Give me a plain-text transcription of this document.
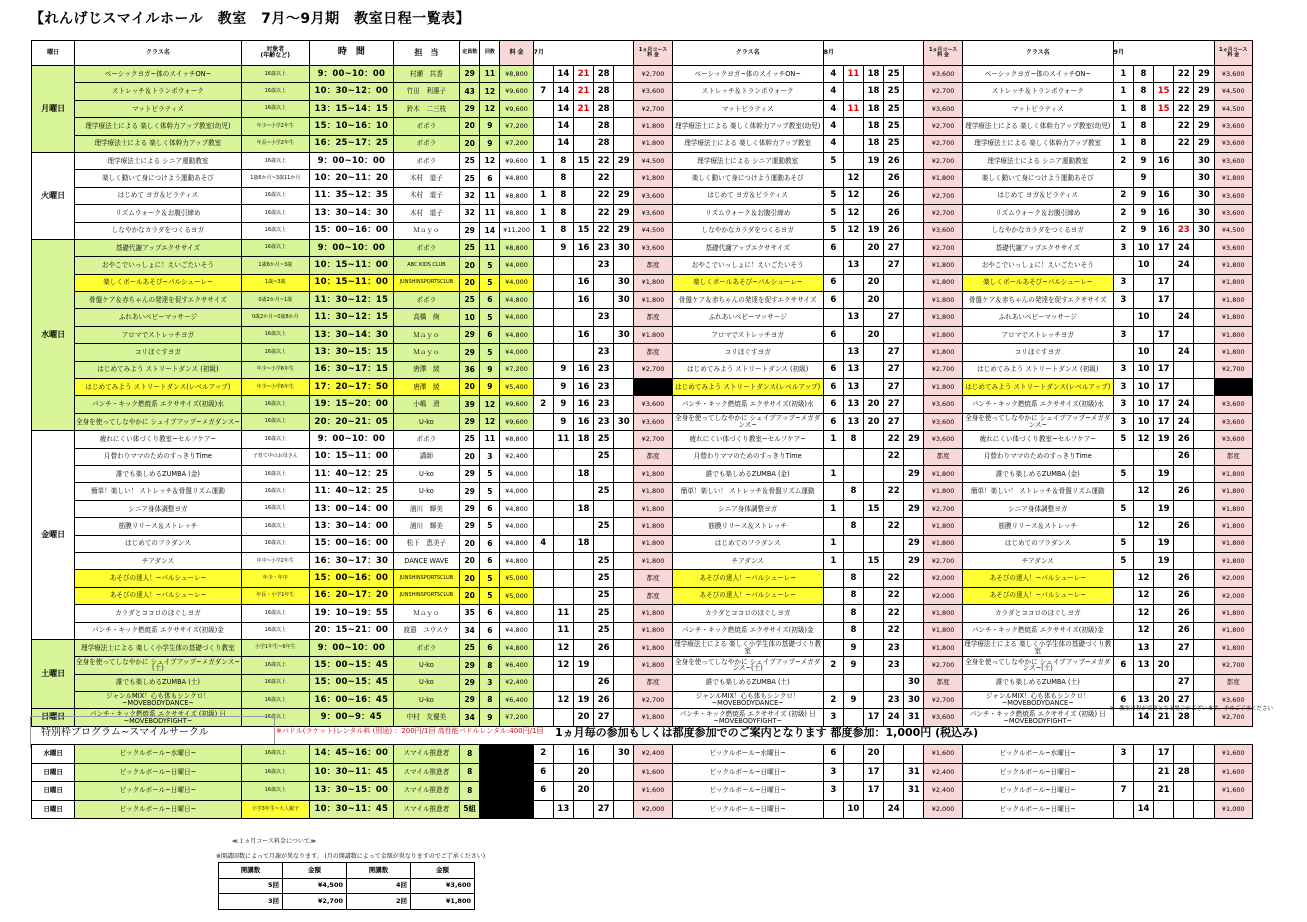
【れんげじスマイルホール　教室　7月～9月期　教室日程一覧表】
曜日	クラス名	対象者
(年齢など)	時　間	担　当	定員数	回数	料 金	7月					1ヵ月コース
料 金	クラス名	8月					1ヵ月コース
料 金	クラス名	9月					1ヵ月コース
料 金
月曜日	ベーシックヨガ~体のスイッチON~	16歳以上	9：00~10：00	村瀬　共香	29	11	¥8,800		14	21	28		¥2,700	ベーシックヨガ~体のスイッチON~	4	11	18	25		¥3,600	ベーシックヨガ~体のスイッチON~	1	8		22	29	¥3,600
	ストレッチ＆トランポウォーク	16歳以上	10：30~12：00	竹田　利惠子	43	12	¥9,600	7	14	21	28		¥3,600	ストレッチ＆トランポウォーク	4		18	25		¥2,700	ストレッチ＆トランポウォーク	1	8	15	22	29	¥4,500
	マットピラティス	16歳以上	13：15~14：15	鈴木　二三枝	29	12	¥9,600		14	21	28		¥2,700	マットピラティス	4	11	18	25		¥3,600	マットピラティス	1	8	15	22	29	¥4,500
	理学療法士による 楽しく体幹力アップ教室(幼児)	年少~小学2年生	15：10~16：10	ポポラ	20	9	¥7,200		14		28		¥1,800	理学療法士による 楽しく体幹力アップ教室(幼児)	4		18	25		¥2,700	理学療法士による 楽しく体幹力アップ教室(幼児)	1	8		22	29	¥3,600
	理学療法士による 楽しく体幹力アップ教室	年長~小学2年生	16：25~17：25	ポポラ	20	9	¥7,200		14		28		¥1,800	理学療法士による 楽しく体幹力アップ教室	4		18	25		¥2,700	理学療法士による 楽しく体幹力アップ教室	1	8		22	29	¥3,600
火曜日	理学療法士による シニア運動教室	16歳以上	9：00~10：00	ポポラ	25	12	¥9,600	1	8	15	22	29	¥4,500	理学療法士による シニア運動教室	5		19	26		¥2,700	理学療法士による シニア運動教室	2	9	16		30	¥3,600
	楽しく動いて身につけよう運動あそび	1歳6か月~3歳11か月	10：20~11：20	木村　道子	25	6	¥4,800		8		22		¥1,800	楽しく動いて身につけよう運動あそび		12		26		¥1,800	楽しく動いて身につけよう運動あそび		9			30	¥1,800
	はじめて ヨガ＆ピラティス	16歳以上	11：35~12：35	木村　道子	32	11	¥8,800	1	8		22	29	¥3,600	はじめて ヨガ＆ピラティス	5	12		26		¥2,700	はじめて ヨガ＆ピラティス	2	9	16		30	¥3,600
	リズムウォーク＆お腹引締め	16歳以上	13：30~14：30	木村　道子	32	11	¥8,800	1	8		22	29	¥3,600	リズムウォーク＆お腹引締め	5	12		26		¥2,700	リズムウォーク＆お腹引締め	2	9	16		30	¥3,600
	しなやかなカラダをつくるヨガ	16歳以上	15：00~16：00	Ｍａｙｏ	29	14	¥11,200	1	8	15	22	29	¥4,500	しなやかなカラダをつくるヨガ	5	12	19	26		¥3,600	しなやかなカラダをつくるヨガ	2	9	16	23	30	¥4,500
水曜日	基礎代謝アップエクササイズ	16歳以上	9：00~10：00	ポポラ	25	11	¥8,800		9	16	23	30	¥3,600	基礎代謝アップエクササイズ	6		20	27		¥2,700	基礎代謝アップエクササイズ	3	10	17	24		¥3,600
	おやこでいっしょに！えいごたいそう	1歳6か月~3歳	10：15~11：00	ABC KIDS CLUB	20	5	¥4,000				23		都度	おやこでいっしょに！えいごたいそう		13		27		¥1,800	おやこでいっしょに！えいごたいそう		10		24		¥1,800
	楽しくボールあそび~パルシューレ~	1歳~3歳	10：15~11：00	JUNSHINSPORTSCLUB	20	5	¥4,000			16		30	¥1,800	楽しくボールあそび~パルシューレ~	6		20			¥1,800	楽しくボールあそび~パルシューレ~	3		17			¥1,800
	骨盤ケア＆赤ちゃんの発達を促すエクササイズ	0歳2か月~1歳	11：30~12：15	ポポラ	25	6	¥4,800			16		30	¥1,800	骨盤ケア＆赤ちゃんの発達を促すエクササイズ	6		20			¥1,800	骨盤ケア＆赤ちゃんの発達を促すエクササイズ	3		17			¥1,800
	ふれあいベビーマッサージ	0歳2か月~0歳8か月	11：30~12：15	高橋　絢	10	5	¥4,000				23		都度	ふれあいベビーマッサージ		13		27		¥1,800	ふれあいベビーマッサージ		10		24		¥1,800
	アロマでストレッチヨガ	16歳以上	13：30~14：30	Ｍａｙｏ	29	6	¥4,800			16		30	¥1,800	アロマでストレッチヨガ	6		20			¥1,800	アロマでストレッチヨガ	3		17			¥1,800
	コリほぐすヨガ	16歳以上	13：30~15：15	Ｍａｙｏ	29	5	¥4,000				23		都度	コリほぐすヨガ		13		27		¥1,800	コリほぐすヨガ		10		24		¥1,800
	はじめてみよう ストリートダンス (初級)	年少~小学6年生	16：30~17：15	唐澤　綾	36	9	¥7,200		9	16	23		¥2,700	はじめてみよう ストリートダンス (初級)	6	13		27		¥2,700	はじめてみよう ストリートダンス (初級)	3	10	17			¥2,700
	はじめてみよう ストリートダンス(レベルアップ)	年少~小学6年生	17：20~17：50	唐澤　綾	20	9	¥5,400		9	16	23			はじめてみよう ストリートダンス(レベルアップ)	6	13		27		¥1,800	はじめてみよう ストリートダンス(レベルアップ)	3	10	17			
	パンチ・キック燃焼系 エクササイズ(初級)水	16歳以上	19：15~20：00	小嶋　滑	39	12	¥9,600	2	9	16	23		¥3,600	パンチ・キック燃焼系 エクササイズ(初級)水	6	13	20	27		¥3,600	パンチ・キック燃焼系 エクササイズ(初級)水	3	10	17	24		¥3,600
	全身を使ってしなやかに シェイプアップ~メガダンス~	16歳以上	20：20~21：05	U-ko	29	12	¥9,600		9	16	23	30	¥3,600	全身を使ってしなやかに シェイプアップ~メガダンス~	6	13	20	27		¥3,600	全身を使ってしなやかに シェイプアップ~メガダンス~	3	10	17	24		¥3,600
金曜日	疲れにくい体づくり教室~セルフケア~	16歳以上	9：00~10：00	ポポラ	25	11	¥8,800		11	18	25		¥2,700	疲れにくい体づくり教室~セルフケア~	1	8		22	29	¥3,600	疲れにくい体づくり教室~セルフケア~	5	12	19	26		¥3,600
	月替わりママのためのすっきりTime	子育て中のお母さん	10：15~11：00	講師	20	3	¥2,400				25		都度	月替わりママのためのすっきりTime				22		都度	月替わりママのためのすっきりTime				26		都度
	誰でも楽しめるZUMBA (金)	16歳以上	11：40~12：25	U-ko	29	5	¥4,000			18			¥1,800	誰でも楽しめるZUMBA (金)	1				29	¥1,800	誰でも楽しめるZUMBA (金)	5		19			¥1,800
	簡単！楽しい！ ストレッチ＆骨盤リズム運動	16歳以上	11：40~12：25	U-ko	29	5	¥4,000				25		¥1,800	簡単！楽しい！ ストレッチ＆骨盤リズム運動		8		22		¥1,800	簡単！楽しい！ ストレッチ＆骨盤リズム運動		12		26		¥1,800
	シニア身体調整ヨガ	16歳以上	13：00~14：00	浦川　輝美	29	6	¥4,800			18			¥1,800	シニア身体調整ヨガ	1		15		29	¥2,700	シニア身体調整ヨガ	5		19			¥1,800
	筋膜リリース＆ストレッチ	16歳以上	13：30~14：00	浦川　輝美	29	5	¥4,000				25		¥1,800	筋膜リリース＆ストレッチ		8		22		¥1,800	筋膜リリース＆ストレッチ		12		26		¥1,800
	はじめてのフラダンス	16歳以上	15：00~16：00	松下　恵美子	20	6	¥4,800	4		18			¥1,800	はじめてのフラダンス	1				29	¥1,800	はじめてのフラダンス	5		19			¥1,800
	チアダンス	年中~小学2年生	16：30~17：30	DANCE WAVE	20	6	¥4,800				25		¥1,800	チアダンス	1		15		29	¥2,700	チアダンス	5		19			¥1,800
	あそびの達人！~パルシューレ~	年少・年中	15：00~16：00	JUNSHINSPORTSCLUB	20	5	¥5,000				25		都度	あそびの達人！~パルシューレ~		8		22		¥2,000	あそびの達人！~パルシューレ~		12		26		¥2,000
	あそびの達人！~パルシューレ~	年長・小学1年生	16：20~17：20	JUNSHINSPORTSCLUB	20	5	¥5,000				25		都度	あそびの達人！~パルシューレ~		8		22		¥2,000	あそびの達人！~パルシューレ~		12		26		¥2,000
	カラダとココロのほぐしヨガ	16歳以上	19：10~19：55	Ｍａｙｏ	35	6	¥4,800		11		25		¥1,800	カラダとココロのほぐしヨガ		8		22		¥1,800	カラダとココロのほぐしヨガ		12		26		¥1,800
	パンチ・キック燃焼系 エクササイズ(初級)金	16歳以上	20：15~21：00	渡邉　ユウスケ	34	6	¥4,800		11		25		¥1,800	パンチ・キック燃焼系 エクササイズ(初級)金		8		22		¥1,800	パンチ・キック燃焼系 エクササイズ(初級)金		12		26		¥1,800
土曜日	理学療法士による 楽しく小学生体の基礎づくり教室	小学1年生~6年生	9：00~10：00	ポポラ	25	6	¥4,800		12		26		¥1,800	理学療法士による 楽しく小学生体の基礎づくり教室		9		23		¥1,800	理学療法士による 楽しく小学生体の基礎づくり教室		13		27		¥1,800
	全身を使ってしなやかに シェイプアップ~メガダンス~(土)	16歳以上	15：00~15：45	U-ko	29	8	¥6,400		12	19			¥1,800	全身を使ってしなやかに シェイプアップ~メガダンス~(土)	2	9		23		¥2,700	全身を使ってしなやかに シェイプアップ~メガダンス~(土)	6	13	20			¥2,700
	誰でも楽しめるZUMBA (土)	16歳以上	15：00~15：45	U-ko	29	3	¥2,400				26		都度	誰でも楽しめるZUMBA (土)					30	都度	誰でも楽しめるZUMBA (土)				27		都度
	ジャンルMIX！心も体もシンクロ！ ~MOVEBODYDANCE~	16歳以上	16：00~16：45	U-ko	29	8	¥6,400		12	19	26		¥2,700	ジャンルMIX！心も体もシンクロ！ ~MOVEBODYDANCE~	2	9		23	30	¥2,700	ジャンルMIX！心も体もシンクロ！ ~MOVEBODYDANCE~	6	13	20	27		¥3,600
日曜日	パンチ・キック燃焼系 エクササイズ (初級) 日~MOVEBODYFIGHT~	16歳以上	9：00~9：45	中村　友優美	34	9	¥7,200			20	27		¥1,800	パンチ・キック燃焼系 エクササイズ (初級) 日~MOVEBODYFIGHT~	3		17	24	31	¥3,600	パンチ・キック燃焼系 エクササイズ (初級) 日~MOVEBODYFIGHT~		14	21	28		¥2,700
※　教室日程が変更となる場合がございます。予めご了承ください
特別枠プログラム~スマイルサークル	※パドル(ラケット)レンタル料 (別途) ：200円/1回 高性能パドルレンタル:400円/1回 1ヵ月毎の参加もしくは都度参加でのご案内となります 都度参加：1,000円 (税込み)
水曜日	ピックルボール~水曜日~	16歳以上	14：45~16：00	スマイル推進者	8		2		16		30	¥2,400	ピックルボール~水曜日~	6		20			¥1,600	ピックルボール~水曜日~	3		17			¥1,600
日曜日	ピックルボール~日曜日~	16歳以上	10：30~11：45	スマイル推進者	8		6		20			¥1,600	ピックルボール~日曜日~	3		17		31	¥2,400	ピックルボール~日曜日~			21	28		¥1,600
日曜日	ピックルボール~日曜日~	16歳以上	13：30~15：00	スマイル推進者	8		6		20			¥1,600	ピックルボール~日曜日~	3		17		31	¥2,400	ピックルボール~日曜日~	7		21			¥1,600
日曜日	ピックルボール~日曜日~	小学3年生~大人親子	10：30~11：45	スマイル推進者	5組			13		27		¥2,000	ピックルボール~日曜日~		10		24		¥2,000	ピックルボール~日曜日~		14				¥1,000
≪１ヵ月コース料金について≫
※開講回数によって月謝が異なります。 (月の開講数によって金額が異なりますのでご了承ください)
開講数	金額	開講数	金額
5回	¥4,500	4回	¥3,600
3回	¥2,700	2回	¥1,800
